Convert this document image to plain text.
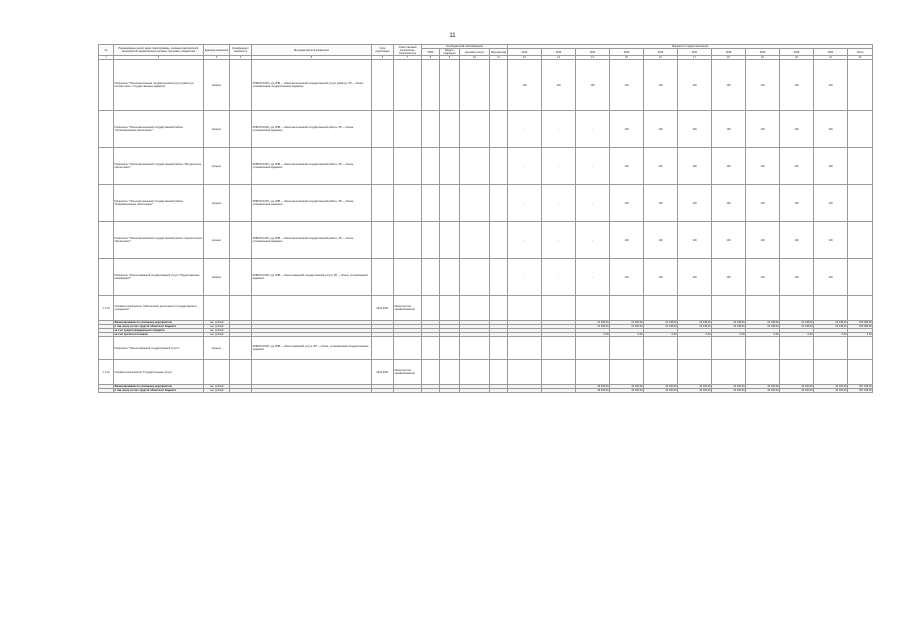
11
№	Наименование целей, задач подпрограммы, основных мероприятий, мероприятий, ведомственных целевых программ, показателей	Единица измерения	Коэффициент значимости	Методика расчета показателя	Срок реализации	Ответственный исполнитель, соисполнитель	Код бюджетной классификации				Значения по годам реализации										
							ГРБС	Раздел, подраздел	Целевая статья	Вид расхода	2012	2013	2014	2015	2016	2017	2018	2019	2020	2021	Итого
1	2	3	4	5	6	7	8	9	10	11	12	13	14	15	16	17	18	19	20	21	22
	Показатель "Объем выполнения государственной услуги (работы) в соответствии с государственным заданием"	процент		ЗНВ/ЗП×100%, где ЗНВ — объем выполненной государственной услуги (работы); ЗП — объем, установленный государственным заданием							100	100	100	100	100	100	100	100	100	100	
	Показатель "Объем выполненной государственной работы "Организационное обеспечение""	процент		ЗНВ/ЗП×100%, где ЗНВ — объем выполненной государственной работы; ЗП — объем, установленный заданием							-	-	-	100	100	100	100	100	100	100	
	Показатель "Объем выполненной государственной работы "Методическое обеспечение""	процент		ЗНВ/ЗП×100%, где ЗНВ — объем выполненной государственной работы; ЗП — объем, установленный заданием							-	-	-	100	100	100	100	100	100	100	
	Показатель "Объем выполненной государственной работы "Информационное обеспечение""	процент		ЗНВ/ЗП×100%, где ЗНВ — объем выполненной государственной работы; ЗП — объем, установленный заданием							-	-	-	100	100	100	100	100	100	100	
	Показатель "Объем выполненной государственной работы "Аналитическое обеспечение""	процент		ЗНВ/ЗП×100%, где ЗНВ — объем выполненной государственной работы; ЗП — объем, установленный заданием							-	-	-	100	100	100	100	100	100	100	
	Показатель "Объем оказанной государственной услуги "Предоставление информации""	процент		ЗНВ/ЗП×100%, где ЗНВ — объем оказанной государственной услуги; ЗП — объем, установленный заданием							-	-	-	100	100	100	100	100	100	100	
7.1.15	Основное мероприятие "Обеспечение деятельности государственного учреждения"				2014-2021	Министерство здравоохранения															
	Финансирование по основному мероприятию	тыс. рублей											21 209,00	21 200,00	22 138,00	22 138,00	22 138,00	22 138,00	22 138,00	22 138,00	153 099,00
	в том числе за счет средств областного бюджета	тыс. рублей											21 209,00	21 200,00	22 138,00	22 138,00	22 138,00	22 138,00	22 138,00	22 138,00	153 099,00
	за счет средств федерального бюджета	тыс. рублей																			
	за счет прочих источников	тыс. рублей											0,00	0,00	0,00	0,00	0,00	0,00	0,00	0,00	0,00
	Показатель "Объем оказанной государственной услуги"	процент		ЗНВ/ЗП×100%, где ЗНВ — объем оказанной услуги; ЗП — объем, установленный государственным заданием																	
7.1.16	Основное мероприятие "Государственная услуга"				2014-2021	Министерство здравоохранения															
	Финансирование по основному мероприятию	тыс. рублей											43 218,00	43 200,00	44 100,00	44 100,00	44 100,00	44 100,00	44 100,00	44 100,00	307 018,00
	в том числе за счет средств областного бюджета	тыс. рублей											43 218,00	43 200,00	44 100,00	44 100,00	44 100,00	44 100,00	44 100,00	44 100,00	307 018,00
